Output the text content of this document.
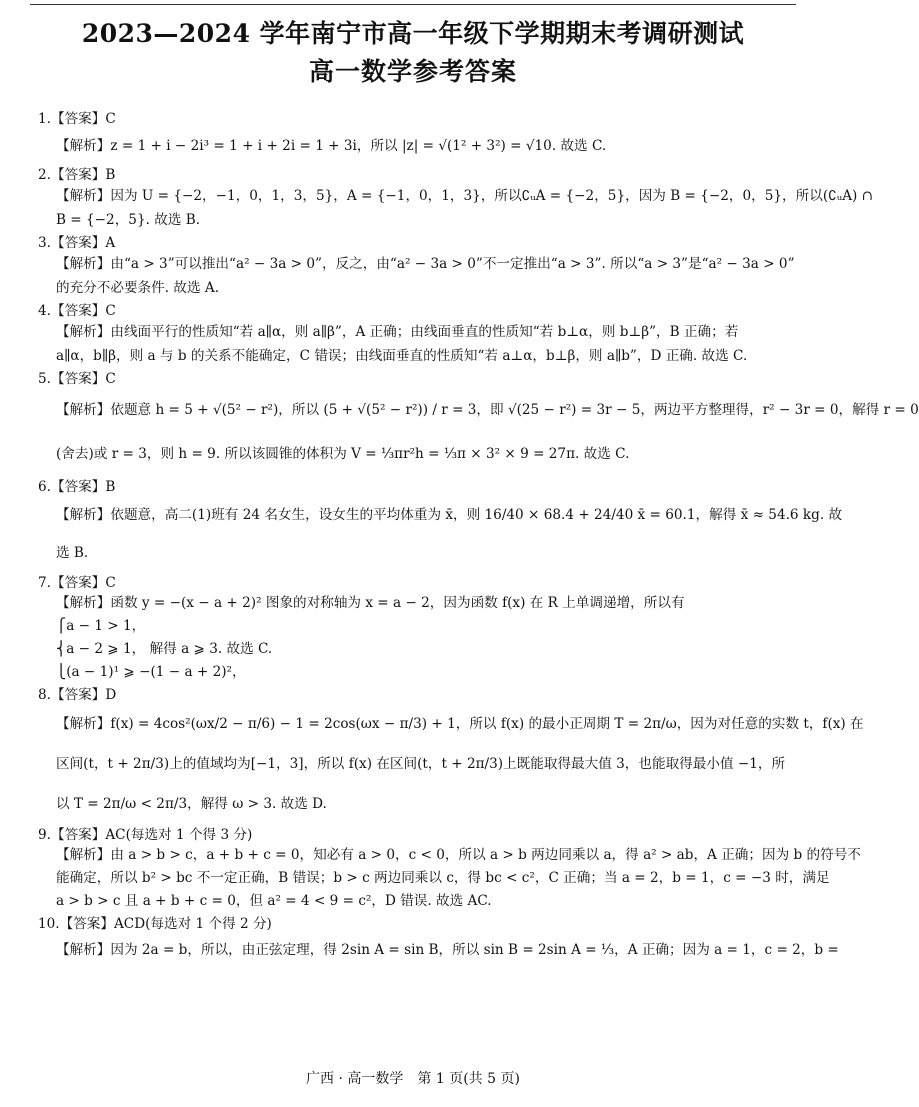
2023—2024 学年南宁市高一年级下学期期末考调研测试
高一数学参考答案
1.【答案】C
【解析】z = 1 + i − 2i³ = 1 + i + 2i = 1 + 3i，所以 |z| = √(1² + 3²) = √10. 故选 C.
2.【答案】B
【解析】因为 U = {−2，−1，0，1，3，5}，A = {−1，0，1，3}，所以∁ᵤA = {−2，5}，因为 B = {−2，0，5}，所以(∁ᵤA) ∩
B = {−2，5}. 故选 B.
3.【答案】A
【解析】由“a > 3”可以推出“a² − 3a > 0”，反之，由“a² − 3a > 0”不一定推出“a > 3”. 所以“a > 3”是“a² − 3a > 0”
的充分不必要条件. 故选 A.
4.【答案】C
【解析】由线面平行的性质知“若 a∥α，则 a∥β”，A 正确；由线面垂直的性质知“若 b⊥α，则 b⊥β”，B 正确；若
a∥α，b∥β，则 a 与 b 的关系不能确定，C 错误；由线面垂直的性质知“若 a⊥α，b⊥β，则 a∥b”，D 正确. 故选 C.
5.【答案】C
【解析】依题意 h = 5 + √(5² − r²)，所以 (5 + √(5² − r²)) / r = 3，即 √(25 − r²) = 3r − 5，两边平方整理得，r² − 3r = 0，解得 r = 0
(舍去)或 r = 3，则 h = 9. 所以该圆锥的体积为 V = ⅓πr²h = ⅓π × 3² × 9 = 27π. 故选 C.
6.【答案】B
【解析】依题意，高二(1)班有 24 名女生，设女生的平均体重为 x̄，则 16/40 × 68.4 + 24/40 x̄ = 60.1，解得 x̄ ≈ 54.6 kg. 故
选 B.
7.【答案】C
【解析】函数 y = −(x − a + 2)² 图象的对称轴为 x = a − 2，因为函数 f(x) 在 R 上单调递增，所以有
⎧a − 1 > 1，
⎨a − 2 ⩾ 1， 解得 a ⩾ 3. 故选 C.
⎩(a − 1)¹ ⩾ −(1 − a + 2)²，
8.【答案】D
【解析】f(x) = 4cos²(ωx/2 − π/6) − 1 = 2cos(ωx − π/3) + 1，所以 f(x) 的最小正周期 T = 2π/ω，因为对任意的实数 t，f(x) 在
区间(t，t + 2π/3)上的值域均为[−1，3]，所以 f(x) 在区间(t，t + 2π/3)上既能取得最大值 3，也能取得最小值 −1，所
以 T = 2π/ω < 2π/3，解得 ω > 3. 故选 D.
9.【答案】AC(每选对 1 个得 3 分)
【解析】由 a > b > c，a + b + c = 0，知必有 a > 0，c < 0，所以 a > b 两边同乘以 a，得 a² > ab，A 正确；因为 b 的符号不
能确定，所以 b² > bc 不一定正确，B 错误；b > c 两边同乘以 c，得 bc < c²，C 正确；当 a = 2，b = 1，c = −3 时，满足
a > b > c 且 a + b + c = 0，但 a² = 4 < 9 = c²，D 错误. 故选 AC.
10.【答案】ACD(每选对 1 个得 2 分)
【解析】因为 2a = b，所以，由正弦定理，得 2sin A = sin B，所以 sin B = 2sin A = ⅓，A 正确；因为 a = 1，c = 2，b =
广西 · 高一数学　第 1 页(共 5 页)
